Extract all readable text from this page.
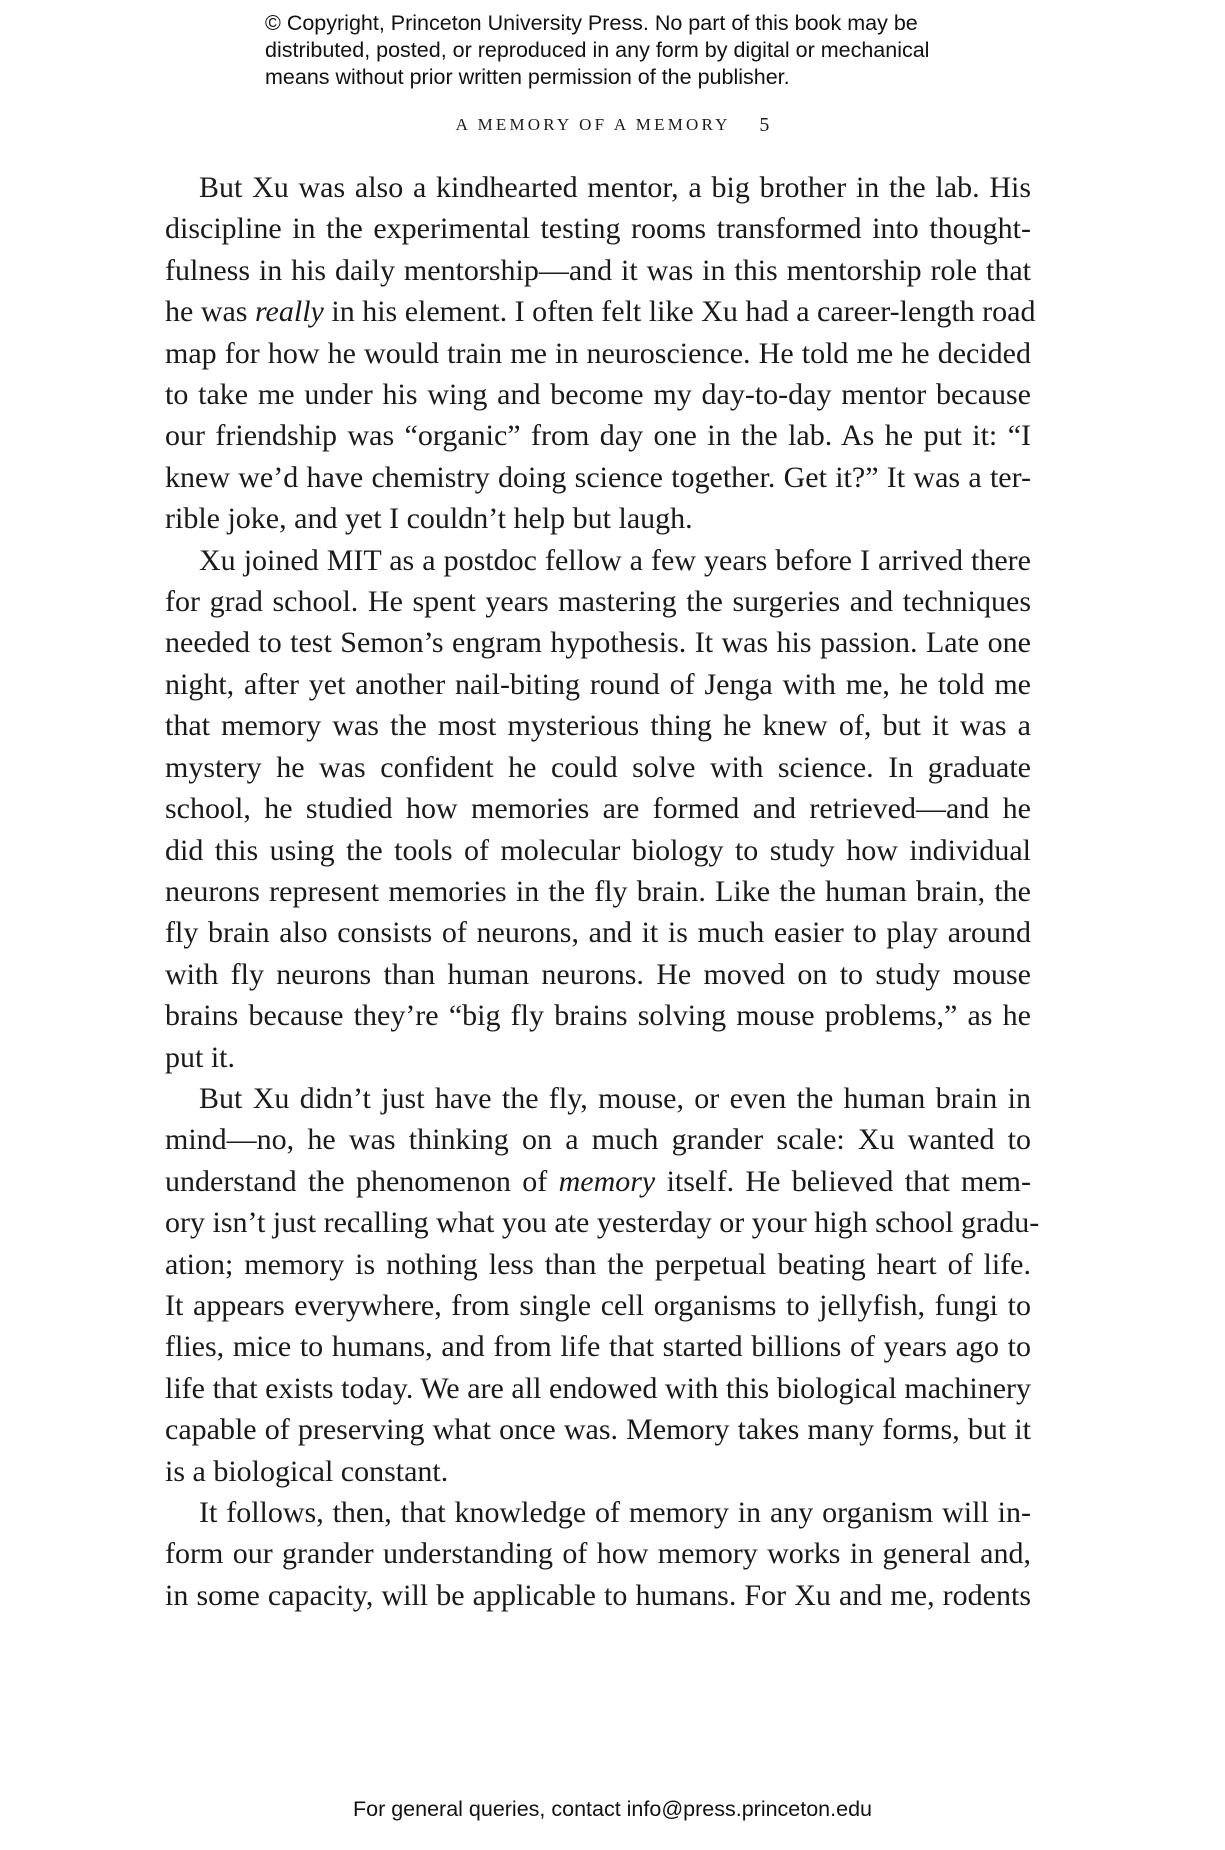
© Copyright, Princeton University Press. No part of this book may be
distributed, posted, or reproduced in any form by digital or mechanical
means without prior written permission of the publisher.
A MEMORY OF A MEMORY 5
But Xu was also a kindhearted mentor, a big brother in the lab. His
discipline in the experimental testing rooms transformed into thought-
fulness in his daily mentorship—and it was in this mentorship role that
he was really in his element. I often felt like Xu had a career-length road
map for how he would train me in neuroscience. He told me he decided
to take me under his wing and become my day-to-day mentor because
our friendship was “organic” from day one in the lab. As he put it: “I
knew we’d have chemistry doing science together. Get it?” It was a ter-
rible joke, and yet I couldn’t help but laugh.
Xu joined MIT as a postdoc fellow a few years before I arrived there
for grad school. He spent years mastering the surgeries and techniques
needed to test Semon’s engram hypothesis. It was his passion. Late one
night, after yet another nail-biting round of Jenga with me, he told me
that memory was the most mysterious thing he knew of, but it was a
mystery he was confident he could solve with science. In graduate
school, he studied how memories are formed and retrieved—and he
did this using the tools of molecular biology to study how individual
neurons represent memories in the fly brain. Like the human brain, the
fly brain also consists of neurons, and it is much easier to play around
with fly neurons than human neurons. He moved on to study mouse
brains because they’re “big fly brains solving mouse problems,” as he
put it.
But Xu didn’t just have the fly, mouse, or even the human brain in
mind—no, he was thinking on a much grander scale: Xu wanted to
understand the phenomenon of memory itself. He believed that mem-
ory isn’t just recalling what you ate yesterday or your high school gradu-
ation; memory is nothing less than the perpetual beating heart of life.
It appears everywhere, from single cell organisms to jellyfish, fungi to
flies, mice to humans, and from life that started billions of years ago to
life that exists today. We are all endowed with this biological machinery
capable of preserving what once was. Memory takes many forms, but it
is a biological constant.
It follows, then, that knowledge of memory in any organism will in-
form our grander understanding of how memory works in general and,
in some capacity, will be applicable to humans. For Xu and me, rodents
For general queries, contact info@press.princeton.edu
